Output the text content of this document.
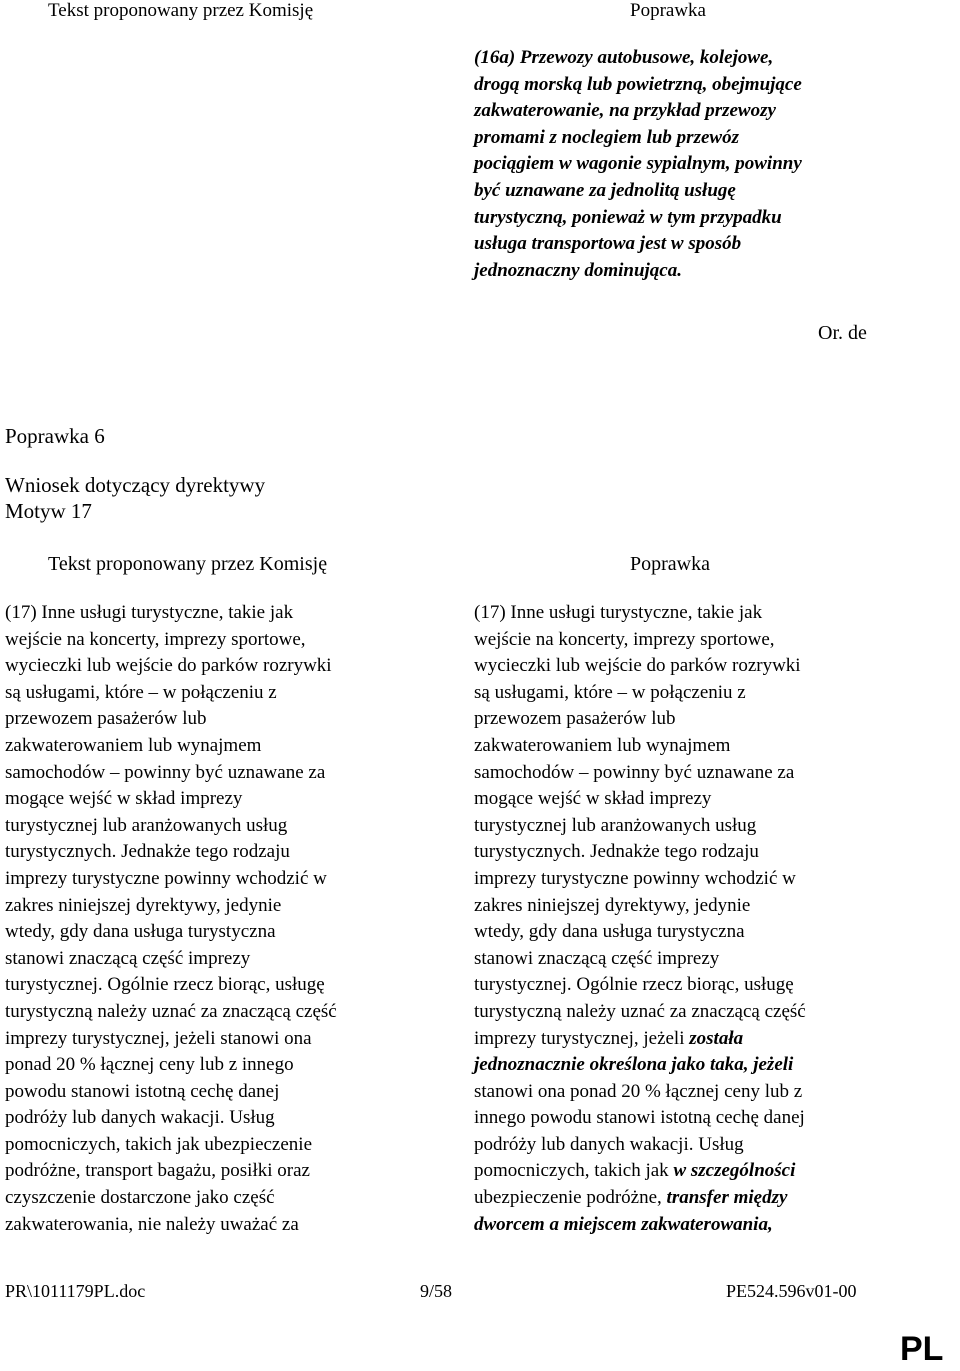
Tekst proponowany przez Komisję	Poprawka
(16a) Przewozy autobusowe, kolejowe,
drogą morską lub powietrzną, obejmujące
zakwaterowanie, na przykład przewozy
promami z noclegiem lub przewóz
pociągiem w wagonie sypialnym, powinny
być uznawane za jednolitą usługę
turystyczną, ponieważ w tym przypadku
usługa transportowa jest w sposób
jednoznaczny dominująca.
Or. de
Poprawka 6
Wniosek dotyczący dyrektywy
Motyw 17
Tekst proponowany przez Komisję	Poprawka
(17) Inne usługi turystyczne, takie jak
wejście na koncerty, imprezy sportowe,
wycieczki lub wejście do parków rozrywki
są usługami, które – w połączeniu z
przewozem pasażerów lub
zakwaterowaniem lub wynajmem
samochodów – powinny być uznawane za
mogące wejść w skład imprezy
turystycznej lub aranżowanych usług
turystycznych. Jednakże tego rodzaju
imprezy turystyczne powinny wchodzić w
zakres niniejszej dyrektywy, jedynie
wtedy, gdy dana usługa turystyczna
stanowi znaczącą część imprezy
turystycznej. Ogólnie rzecz biorąc, usługę
turystyczną należy uznać za znaczącą część
imprezy turystycznej, jeżeli stanowi ona
ponad 20 % łącznej ceny lub z innego
powodu stanowi istotną cechę danej
podróży lub danych wakacji. Usług
pomocniczych, takich jak ubezpieczenie
podróżne, transport bagażu, posiłki oraz
czyszczenie dostarczone jako część
zakwaterowania, nie należy uważać za
(17) Inne usługi turystyczne, takie jak
wejście na koncerty, imprezy sportowe,
wycieczki lub wejście do parków rozrywki
są usługami, które – w połączeniu z
przewozem pasażerów lub
zakwaterowaniem lub wynajmem
samochodów – powinny być uznawane za
mogące wejść w skład imprezy
turystycznej lub aranżowanych usług
turystycznych. Jednakże tego rodzaju
imprezy turystyczne powinny wchodzić w
zakres niniejszej dyrektywy, jedynie
wtedy, gdy dana usługa turystyczna
stanowi znaczącą część imprezy
turystycznej. Ogólnie rzecz biorąc, usługę
turystyczną należy uznać za znaczącą część
imprezy turystycznej, jeżeli została
jednoznacznie określona jako taka, jeżeli
stanowi ona ponad 20 % łącznej ceny lub z
innego powodu stanowi istotną cechę danej
podróży lub danych wakacji. Usług
pomocniczych, takich jak w szczególności
ubezpieczenie podróżne, transfer między
dworcem a miejscem zakwaterowania,
PR\1011179PL.doc	9/58	PE524.596v01-00
PL
